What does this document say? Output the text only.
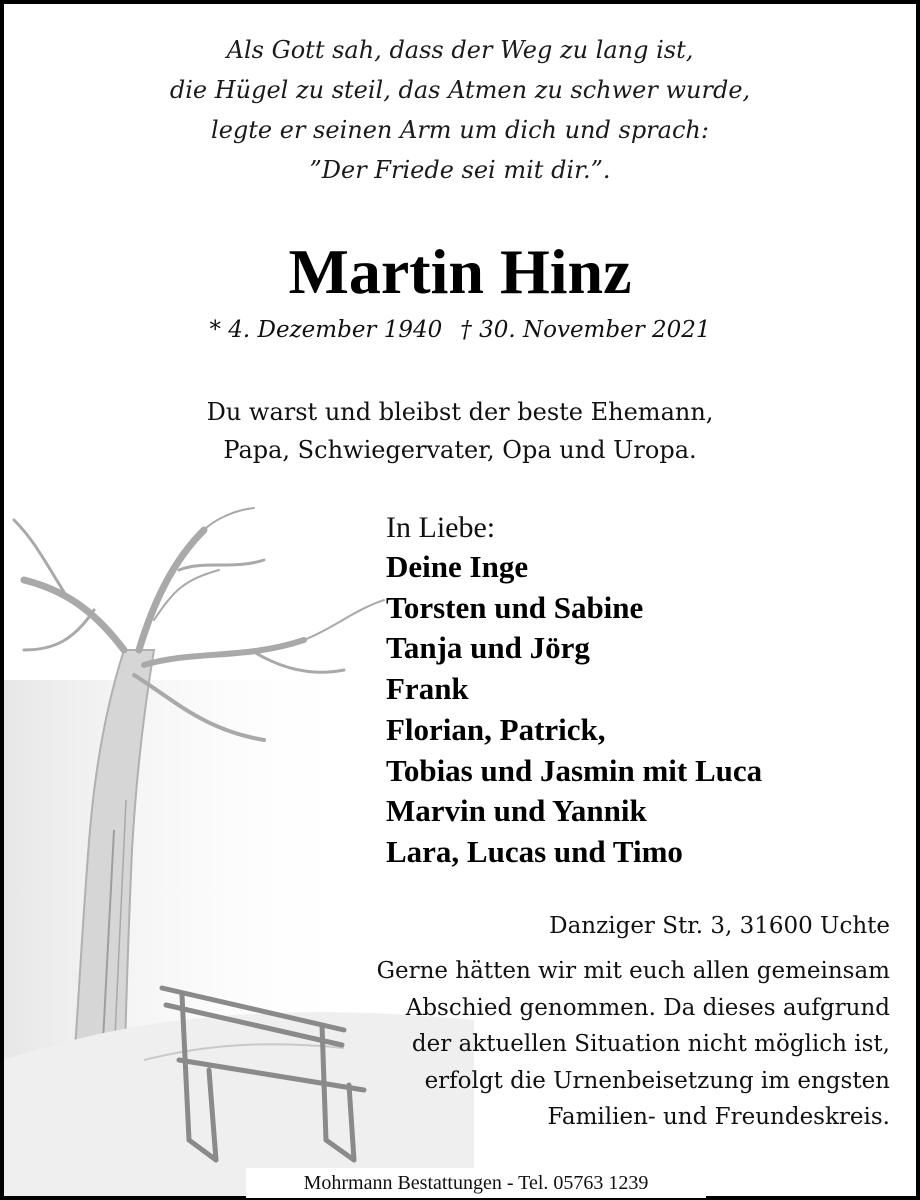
Als Gott sah, dass der Weg zu lang ist,
die Hügel zu steil, das Atmen zu schwer wurde,
legte er seinen Arm um dich und sprach:
”Der Friede sei mit dir.”.
Martin Hinz
* 4. Dezember 1940 † 30. November 2021
Du warst und bleibst der beste Ehemann,
Papa, Schwiegervater, Opa und Uropa.
In Liebe:
Deine Inge
Torsten und Sabine
Tanja und Jörg
Frank
Florian, Patrick,
Tobias und Jasmin mit Luca
Marvin und Yannik
Lara, Lucas und Timo
Danziger Str. 3, 31600 Uchte
Gerne hätten wir mit euch allen gemeinsam
Abschied genommen. Da dieses aufgrund
der aktuellen Situation nicht möglich ist,
erfolgt die Urnenbeisetzung im engsten
Familien- und Freundeskreis.
Mohrmann Bestattungen - Tel. 05763 1239
